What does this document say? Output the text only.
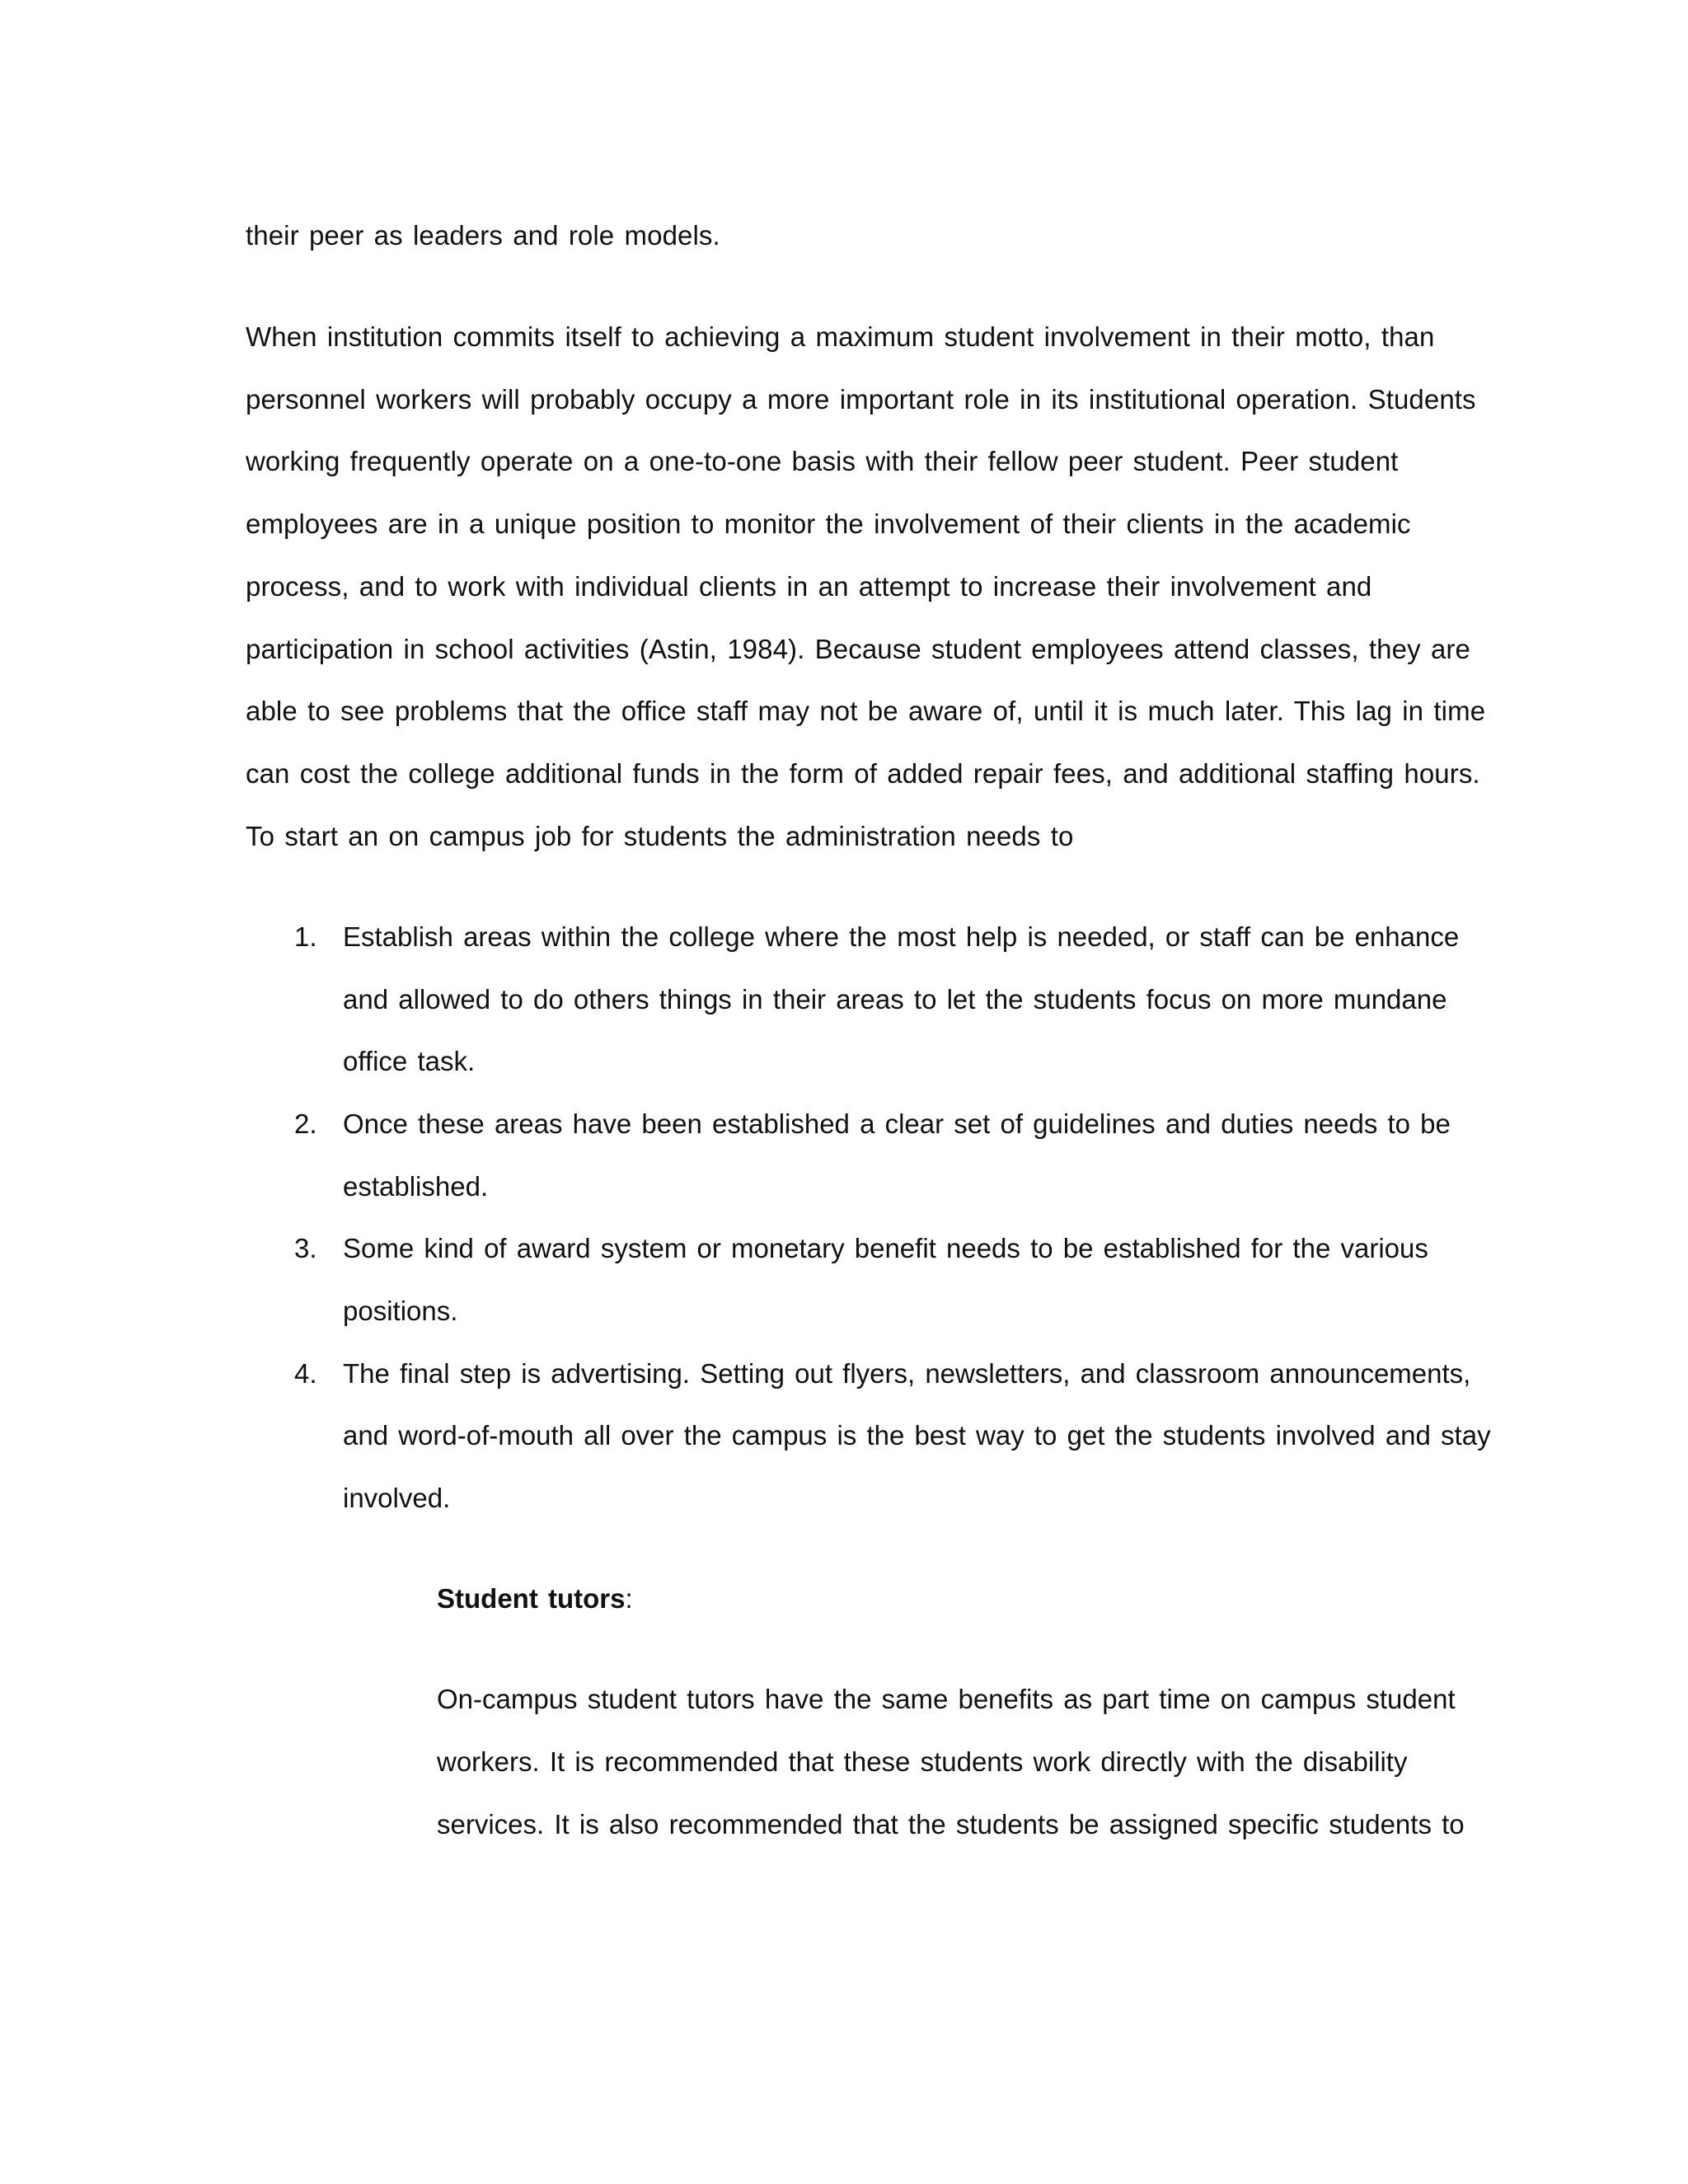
their peer as leaders and role models.
When institution commits itself to achieving a maximum student involvement in their motto, than
personnel workers will probably occupy a more important role in its institutional operation. Students
working frequently operate on a one-to-one basis with their fellow peer student. Peer student
employees are in a unique position to monitor the involvement of their clients in the academic
process, and to work with individual clients in an attempt to increase their involvement and
participation in school activities (Astin, 1984). Because student employees attend classes, they are
able to see problems that the office staff may not be aware of, until it is much later. This lag in time
can cost the college additional funds in the form of added repair fees, and additional staffing hours.
To start an on campus job for students the administration needs to
1. Establish areas within the college where the most help is needed, or staff can be enhance
and allowed to do others things in their areas to let the students focus on more mundane
office task.
2. Once these areas have been established a clear set of guidelines and duties needs to be
established.
3. Some kind of award system or monetary benefit needs to be established for the various
positions.
4. The final step is advertising. Setting out flyers, newsletters, and classroom announcements,
and word-of-mouth all over the campus is the best way to get the students involved and stay
involved.
Student tutors:
On-campus student tutors have the same benefits as part time on campus student
workers. It is recommended that these students work directly with the disability
services. It is also recommended that the students be assigned specific students to
